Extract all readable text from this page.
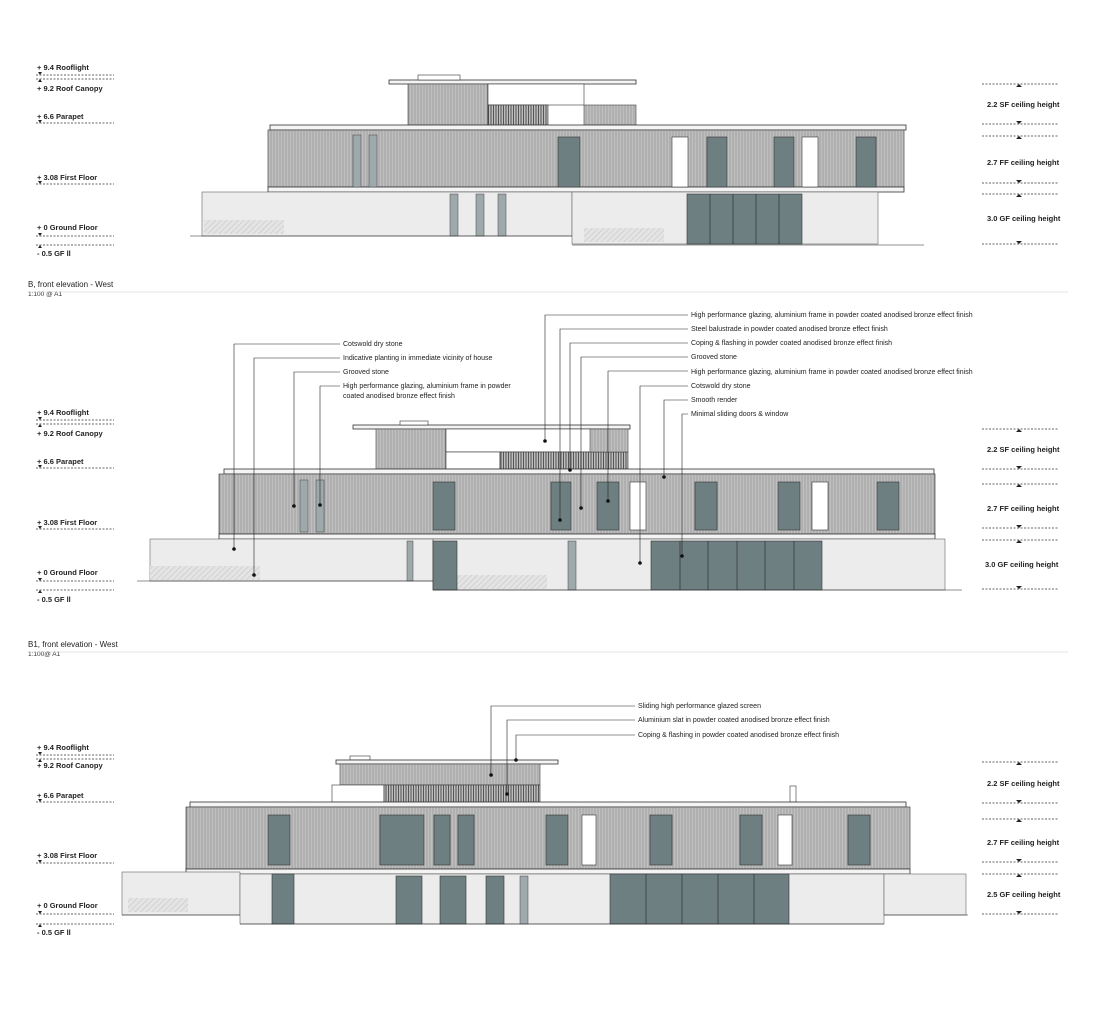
+ 9.4 Rooflight
+ 9.2 Roof Canopy
+ 6.6 Parapet
+ 3.08 First Floor
+ 0 Ground Floor
- 0.5 GF ll
2.2 SF ceiling height
2.7 FF ceiling height
3.0 GF ceiling height
B, front elevation - West
1:100 @ A1
+ 9.4 Rooflight
+ 9.2 Roof Canopy
+ 6.6 Parapet
+ 3.08 First Floor
+ 0 Ground Floor
- 0.5 GF ll
2.2 SF ceiling height
2.7 FF ceiling height
3.0 GF ceiling height
Cotswold dry stone
Indicative planting in immediate vicinity of house
Grooved stone
High performance glazing, aluminium frame in powder
coated anodised bronze effect finish
High performance glazing, aluminium frame in powder coated anodised bronze effect finish
Steel balustrade in powder coated anodised bronze effect finish
Coping & flashing in powder coated anodised bronze effect finish
Grooved stone
High performance glazing, aluminium frame in powder coated anodised bronze effect finish
Cotswold dry stone
Smooth render
Minimal sliding doors & window
B1, front elevation - West
1:100@ A1
+ 9.4 Rooflight
+ 9.2 Roof Canopy
+ 6.6 Parapet
+ 3.08 First Floor
+ 0 Ground Floor
- 0.5 GF ll
2.2 SF ceiling height
2.7 FF ceiling height
2.5 GF ceiling height
Sliding high performance glazed screen
Aluminium slat in powder coated anodised bronze effect finish
Coping & flashing in powder coated anodised bronze effect finish
